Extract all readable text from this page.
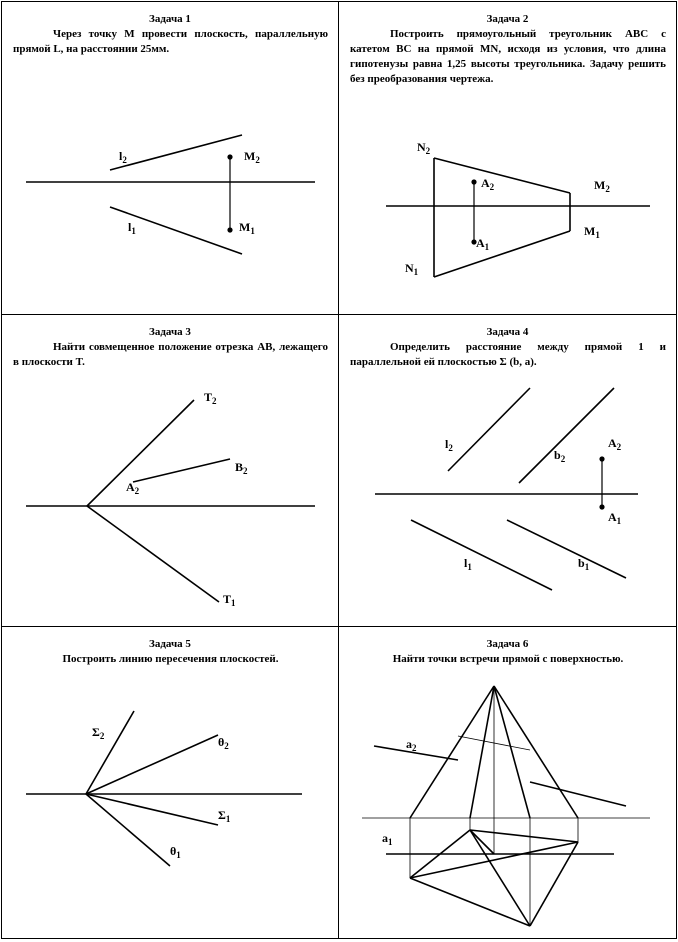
Задача 1
Через точку M провести плоскость, параллельную прямой L, на расстоянии 25мм.
$l_2$	$M_2$
$l_1$	$M_1$
Задача 2
Построить прямоугольный треугольник ABC с катетом BC на прямой MN, исходя из условия, что длина гипотенузы равна 1,25 высоты треугольника. Задачу решить без преобразования чертежа.
$N_2$
$A_2$	$M_2$
$A_1$
$M_1$
$N_1$
Задача 3
Найти совмещенное положение отрезка AB, лежащего в плоскости T.
$T_2$
$B_2$
$A_2$
$T_1$
Задача 4
Определить расстояние между прямой 1 и параллельной ей плоскостью Σ (b, a).
$l_2$	$b_2$
$A_2$
$A_1$
$l_1$	$b_1$
Задача 5
Построить линию пересечения плоскостей.
$\Sigma_2$	$\theta_2$
$\Sigma_1$
$\theta_1$
Задача 6
Найти точки встречи прямой с поверхностью.
$a_2$
$a_1$
